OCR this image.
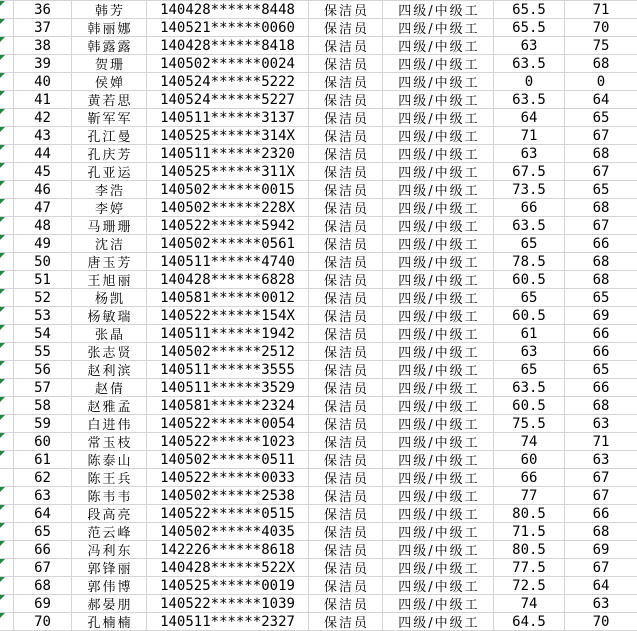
36	韩芳	140428******8448	保洁员	四级/中级工	65.5	71
37	韩丽娜	140521******0060	保洁员	四级/中级工	65.5	70
38	韩露露	140428******8418	保洁员	四级/中级工	63	75
39	贺珊	140502******0024	保洁员	四级/中级工	63.5	68
40	侯婵	140524******5222	保洁员	四级/中级工	0	0
41	黄若思	140524******5227	保洁员	四级/中级工	63.5	64
42	靳军军	140511******3137	保洁员	四级/中级工	64	65
43	孔江曼	140525******314X	保洁员	四级/中级工	71	67
44	孔庆芳	140511******2320	保洁员	四级/中级工	63	68
45	孔亚运	140525******311X	保洁员	四级/中级工	67.5	67
46	李浩	140502******0015	保洁员	四级/中级工	73.5	65
47	李婷	140502******228X	保洁员	四级/中级工	66	68
48	马珊珊	140522******5942	保洁员	四级/中级工	63.5	67
49	沈洁	140502******0561	保洁员	四级/中级工	65	66
50	唐玉芳	140511******4740	保洁员	四级/中级工	78.5	68
51	王旭丽	140428******6828	保洁员	四级/中级工	60.5	68
52	杨凯	140581******0012	保洁员	四级/中级工	65	65
53	杨敏瑞	140522******154X	保洁员	四级/中级工	60.5	69
54	张晶	140511******1942	保洁员	四级/中级工	61	66
55	张志贤	140502******2512	保洁员	四级/中级工	63	66
56	赵利滨	140511******3555	保洁员	四级/中级工	65	65
57	赵倩	140511******3529	保洁员	四级/中级工	63.5	66
58	赵雅孟	140581******2324	保洁员	四级/中级工	60.5	68
59	白进伟	140522******0054	保洁员	四级/中级工	75.5	63
60	常玉枝	140522******1023	保洁员	四级/中级工	74	71
61	陈泰山	140502******0511	保洁员	四级/中级工	60	63
62	陈王兵	140522******0033	保洁员	四级/中级工	66	67
63	陈韦韦	140502******2538	保洁员	四级/中级工	77	67
64	段高亮	140522******0515	保洁员	四级/中级工	80.5	66
65	范云峰	140502******4035	保洁员	四级/中级工	71.5	68
66	冯利东	142226******8618	保洁员	四级/中级工	80.5	69
67	郭锋丽	140428******522X	保洁员	四级/中级工	77.5	67
68	郭伟博	140525******0019	保洁员	四级/中级工	72.5	64
69	郝晏朋	140522******1039	保洁员	四级/中级工	74	63
70	孔楠楠	140511******2327	保洁员	四级/中级工	64.5	70
